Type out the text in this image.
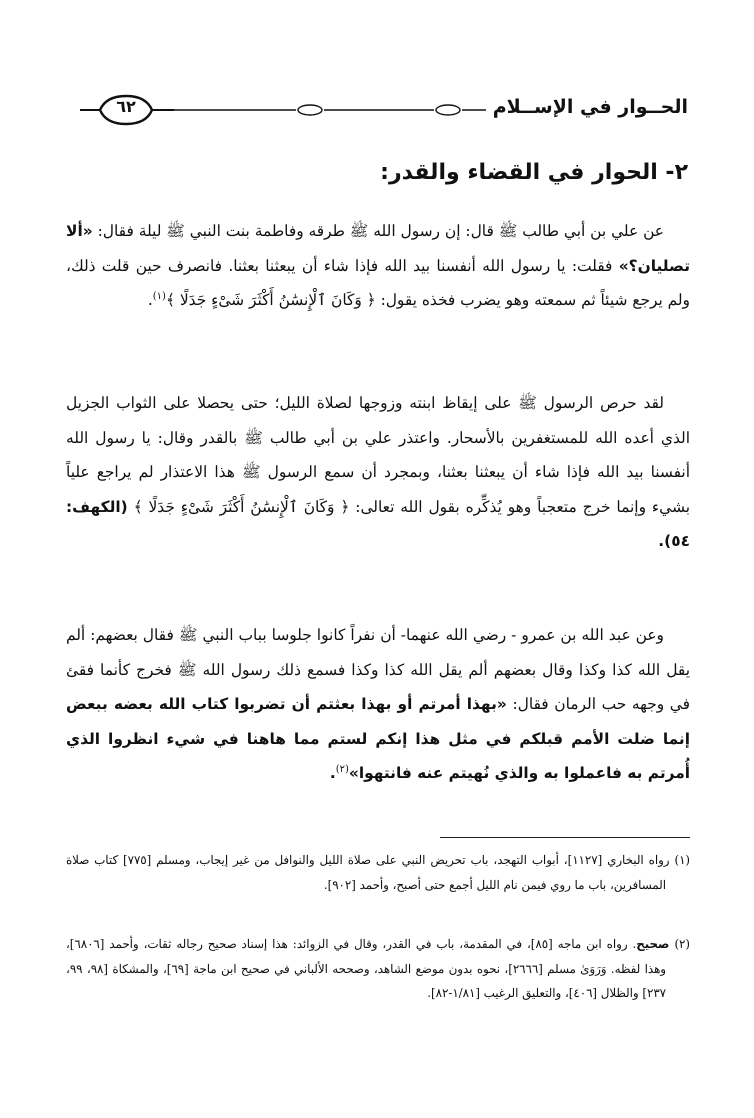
٦٢	الحــوار في الإســلام
٢- الحوار في القضاء والقدر:

عن علي بن أبي طالب ﷺ قال: إن رسول الله ﷺ طرقه وفاطمة بنت النبي ﷺ ليلة فقال: «ألا تصليان؟» فقلت: يا رسول الله أنفسنا بيد الله فإذا شاء أن يبعثنا بعثنا. فانصرف حين قلت ذلك، ولم يرجع شيئاً ثم سمعته وهو يضرب فخذه يقول: ﴿ وَكَانَ ٱلْإِنسَٰنُ أَكْثَرَ شَىْءٍ جَدَلًا ﴾$^{(١)}$.

لقد حرص الرسول ﷺ على إيقاظ ابنته وزوجها لصلاة الليل؛ حتى يحصلا على الثواب الجزيل الذي أعده الله للمستغفرين بالأسحار. واعتذر علي بن أبي طالب ﷺ بالقدر وقال: يا رسول الله أنفسنا بيد الله فإذا شاء أن يبعثنا بعثنا، وبمجرد أن سمع الرسول ﷺ هذا الاعتذار لم يراجع علياً بشيء وإنما خرج متعجباً وهو يُذكِّره بقول الله تعالى: ﴿ وَكَانَ ٱلْإِنسَٰنُ أَكْثَرَ شَىْءٍ جَدَلًا ﴾ (الكهف: ٥٤).

وعن عبد الله بن عمرو - رضي الله عنهما- أن نفراً كانوا جلوسا بباب النبي ﷺ فقال بعضهم: ألم يقل الله كذا وكذا وقال بعضهم ألم يقل الله كذا وكذا فسمع ذلك رسول الله ﷺ فخرج كأنما فقئ في وجهه حب الرمان فقال: «بهذا أمرتم أو بهذا بعثتم أن تضربوا كتاب الله بعضه ببعض إنما ضلت الأمم قبلكم في مثل هذا إنكم لستم مما هاهنا في شيء انظروا الذي أُمرتم به فاعملوا به والذي نُهيتم عنه فانتهوا»$^{(٢)}$.

(١) رواه البخاري [١١٢٧]، أبواب التهجد، باب تحريض النبي على صلاة الليل والنوافل من غير إيجاب، ومسلم [٧٧٥] كتاب صلاة المسافرين، باب ما روي فيمن نام الليل أجمع حتى أصبح، وأحمد [٩٠٢].

(٢) صحيح. رواه ابن ماجه [٨٥]، في المقدمة، باب في القدر، وقال في الزوائد: هذا إسناد صحيح رجاله ثقات، وأحمد [٦٨٠٦]، وهذا لفظه. وَرَوَىٰ مسلم [٢٦٦٦]، نحوه بدون موضع الشاهد، وصححه الألباني في صحيح ابن ماجة [٦٩]، والمشكاة [٩٨، ٩٩، ٢٣٧] والظلال [٤٠٦]، والتعليق الرغيب [١/٨١-٨٢].
